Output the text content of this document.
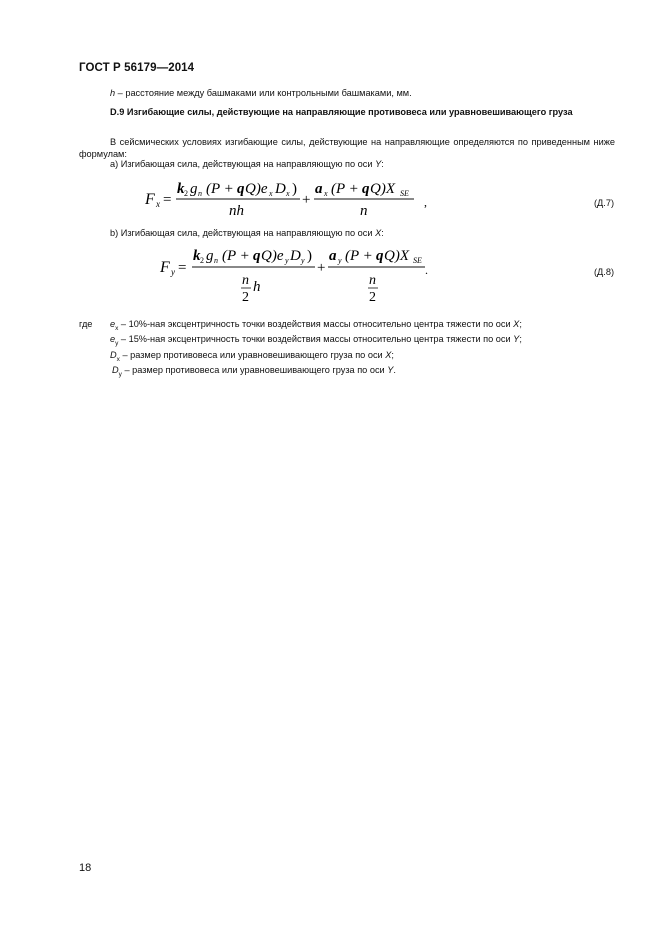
ГОСТ Р 56179—2014
h – расстояние между башмаками или контрольными башмаками, мм.
D.9 Изгибающие силы, действующие на направляющие противовеса или уравновешивающего груза
В сейсмических условиях изгибающие силы, действующие на направляющие определяются по приведенным ниже формулам:
а) Изгибающая сила, действующая на направляющую по оси Y:
F x =
k 2 g n (P + q Q)e x D x )
nh
+
a x (P + q Q)X SE
n
,	(Д.7)
b) Изгибающая сила, действующая на направляющую по оси X:
F y =
k 2 g n (P + q Q)e y D y )
n
2
h
+
a y (P + q Q)X SE
n
2
.	(Д.8)
где $e_x - 10\%-ная$ эксцентричность точки воздействия массы относительно центра тяжести по оси X;
$e_y - 15\%-ная$ эксцентричность точки воздействия массы относительно центра тяжести по оси Y;
$D_x$ – размер противовеса или уравновешивающего груза по оси X;
$D_y$ – размер противовеса или уравновешивающего груза по оси Y.
18
